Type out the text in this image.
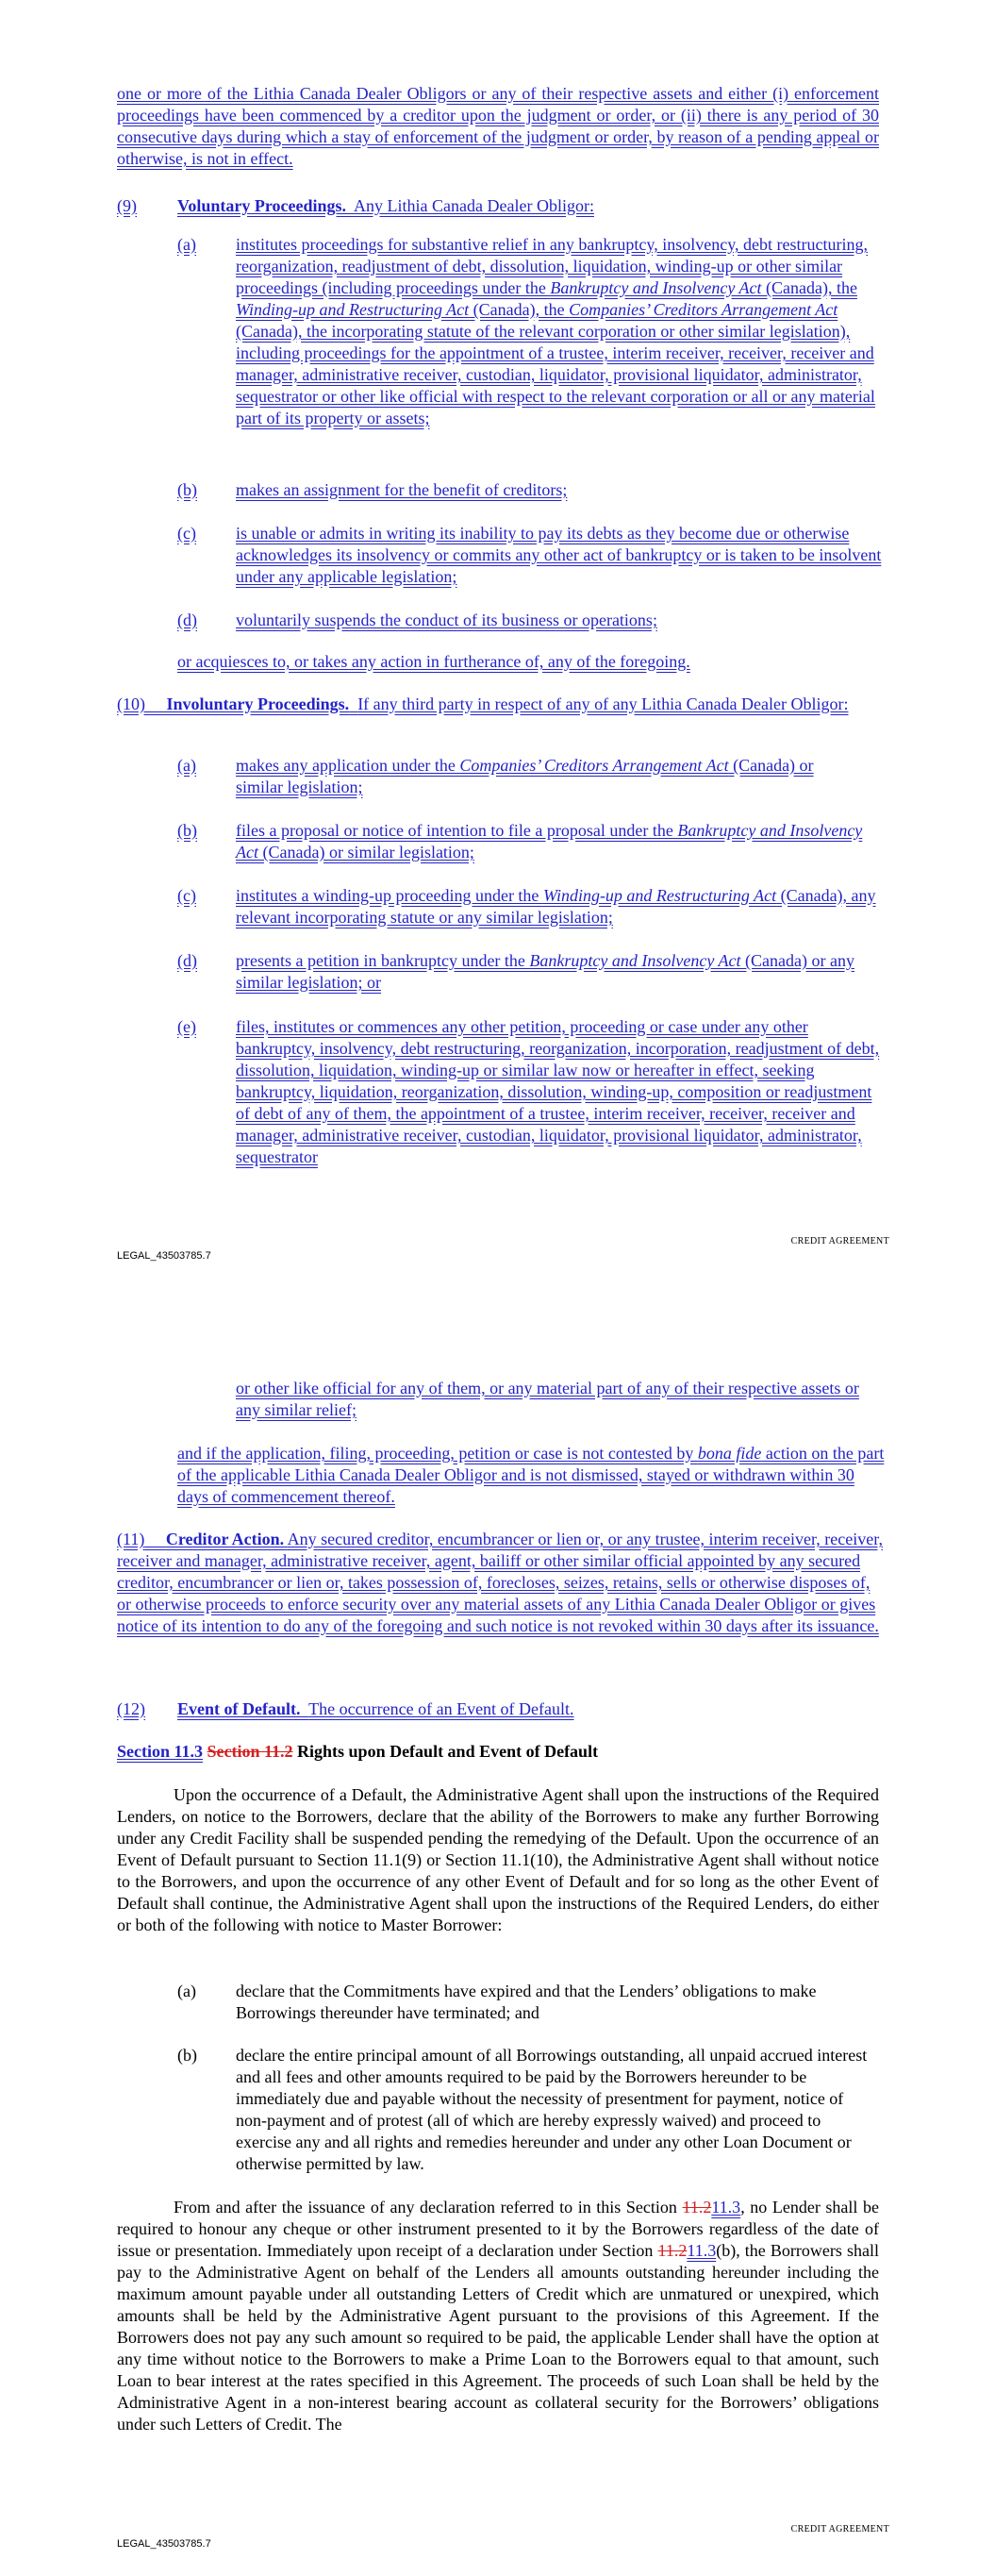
one or more of the Lithia Canada Dealer Obligors or any of their respective assets and either (i) enforcement proceedings have been commenced by a creditor upon the judgment or order, or (ii) there is any period of 30 consecutive days during which a stay of enforcement of the judgment or order, by reason of a pending appeal or otherwise, is not in effect.

(9) Voluntary Proceedings. Any Lithia Canada Dealer Obligor:

(a) institutes proceedings for substantive relief in any bankruptcy, insolvency, debt restructuring, reorganization, readjustment of debt, dissolution, liquidation, winding-up or other similar proceedings (including proceedings under the Bankruptcy and Insolvency Act (Canada), the Winding-up and Restructuring Act (Canada), the Companies’ Creditors Arrangement Act (Canada), the incorporating statute of the relevant corporation or other similar legislation), including proceedings for the appointment of a trustee, interim receiver, receiver, receiver and manager, administrative receiver, custodian, liquidator, provisional liquidator, administrator, sequestrator or other like official with respect to the relevant corporation or all or any material part of its property or assets;

(b) makes an assignment for the benefit of creditors;

(c) is unable or admits in writing its inability to pay its debts as they become due or otherwise acknowledges its insolvency or commits any other act of bankruptcy or is taken to be insolvent under any applicable legislation;

(d) voluntarily suspends the conduct of its business or operations;

or acquiesces to, or takes any action in furtherance of, any of the foregoing.

(10) Involuntary Proceedings. If any third party in respect of any of any Lithia Canada Dealer Obligor:

(a) makes any application under the Companies’ Creditors Arrangement Act (Canada) or similar legislation;

(b) files a proposal or notice of intention to file a proposal under the Bankruptcy and Insolvency Act (Canada) or similar legislation;

(c) institutes a winding-up proceeding under the Winding-up and Restructuring Act (Canada), any relevant incorporating statute or any similar legislation;

(d) presents a petition in bankruptcy under the Bankruptcy and Insolvency Act (Canada) or any similar legislation; or

(e) files, institutes or commences any other petition, proceeding or case under any other bankruptcy, insolvency, debt restructuring, reorganization, incorporation, readjustment of debt, dissolution, liquidation, winding-up or similar law now or hereafter in effect, seeking bankruptcy, liquidation, reorganization, dissolution, winding-up, composition or readjustment of debt of any of them, the appointment of a trustee, interim receiver, receiver, receiver and manager, administrative receiver, custodian, liquidator, provisional liquidator, administrator, sequestrator

CREDIT AGREEMENT
LEGAL_43503785.7

or other like official for any of them, or any material part of any of their respective assets or any similar relief;

and if the application, filing, proceeding, petition or case is not contested by bona fide action on the part of the applicable Lithia Canada Dealer Obligor and is not dismissed, stayed or withdrawn within 30 days of commencement thereof.

(11) Creditor Action. Any secured creditor, encumbrancer or lien or, or any trustee, interim receiver, receiver, receiver and manager, administrative receiver, agent, bailiff or other similar official appointed by any secured creditor, encumbrancer or lien or, takes possession of, forecloses, seizes, retains, sells or otherwise disposes of, or otherwise proceeds to enforce security over any material assets of any Lithia Canada Dealer Obligor or gives notice of its intention to do any of the foregoing and such notice is not revoked within 30 days after its issuance.

(12) Event of Default. The occurrence of an Event of Default.

Section 11.3 Section 11.2 Rights upon Default and Event of Default

Upon the occurrence of a Default, the Administrative Agent shall upon the instructions of the Required Lenders, on notice to the Borrowers, declare that the ability of the Borrowers to make any further Borrowing under any Credit Facility shall be suspended pending the remedying of the Default. Upon the occurrence of an Event of Default pursuant to Section 11.1(9) or Section 11.1(10), the Administrative Agent shall without notice to the Borrowers, and upon the occurrence of any other Event of Default and for so long as the other Event of Default shall continue, the Administrative Agent shall upon the instructions of the Required Lenders, do either or both of the following with notice to Master Borrower:

(a) declare that the Commitments have expired and that the Lenders’ obligations to make Borrowings thereunder have terminated; and

(b) declare the entire principal amount of all Borrowings outstanding, all unpaid accrued interest and all fees and other amounts required to be paid by the Borrowers hereunder to be immediately due and payable without the necessity of presentment for payment, notice of non-payment and of protest (all of which are hereby expressly waived) and proceed to exercise any and all rights and remedies hereunder and under any other Loan Document or otherwise permitted by law.

From and after the issuance of any declaration referred to in this Section 11.211.3, no Lender shall be required to honour any cheque or other instrument presented to it by the Borrowers regardless of the date of issue or presentation. Immediately upon receipt of a declaration under Section 11.211.3(b), the Borrowers shall pay to the Administrative Agent on behalf of the Lenders all amounts outstanding hereunder including the maximum amount payable under all outstanding Letters of Credit which are unmatured or unexpired, which amounts shall be held by the Administrative Agent pursuant to the provisions of this Agreement. If the Borrowers does not pay any such amount so required to be paid, the applicable Lender shall have the option at any time without notice to the Borrowers to make a Prime Loan to the Borrowers equal to that amount, such Loan to bear interest at the rates specified in this Agreement. The proceeds of such Loan shall be held by the Administrative Agent in a non-interest bearing account as collateral security for the Borrowers’ obligations under such Letters of Credit. The

CREDIT AGREEMENT
LEGAL_43503785.7
